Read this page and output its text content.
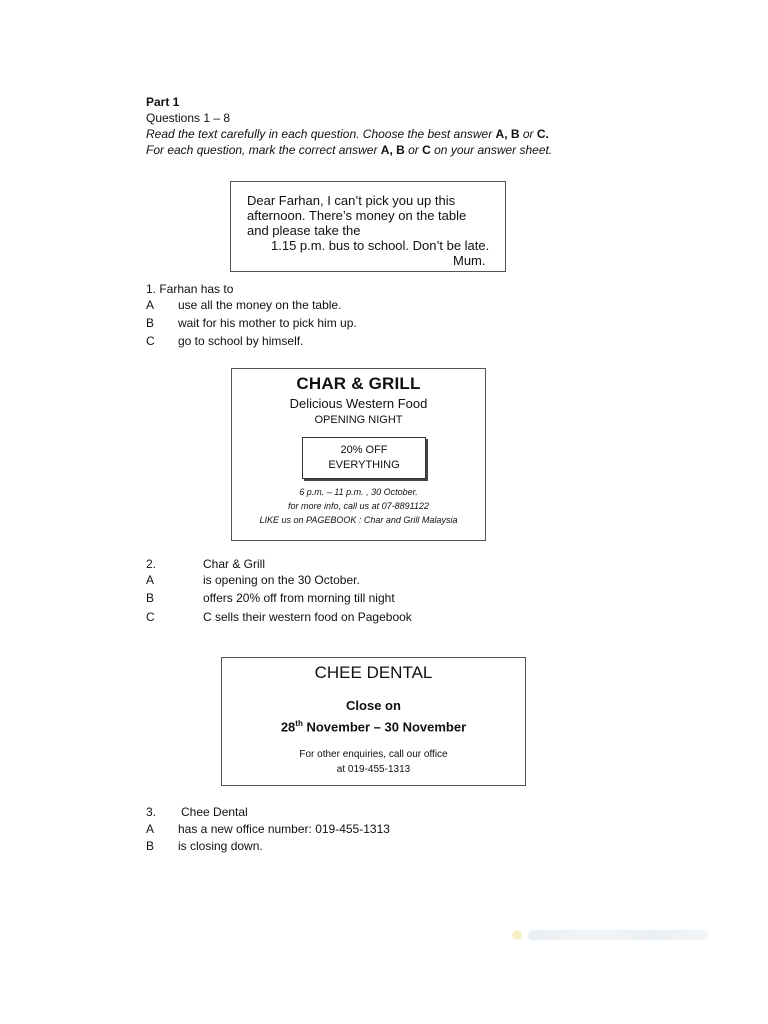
Part 1
Questions 1 – 8
Read the text carefully in each question. Choose the best answer A, B or C.
For each question, mark the correct answer A, B or C on your answer sheet.
Dear Farhan, I can’t pick you up this
afternoon. There’s money on the table
and please take the
1.15 p.m. bus to school. Don’t be late.
Mum.
1. Farhan has to
A use all the money on the table.
B wait for his mother to pick him up.
C go to school by himself.
CHAR & GRILL
Delicious Western Food
OPENING NIGHT
20% OFF
EVERYTHING
6 p.m. – 11 p.m. , 30 October.
for more info, call us at 07-8891122
LIKE us on PAGEBOOK : Char and Grill Malaysia
2.	Char & Grill
A	is opening on the 30 October.
B	offers 20% off from morning till night
C	C sells their western food on Pagebook
CHEE DENTAL
Close on
28th November – 30 November
For other enquiries, call our office
at 019-455-1313
3. Chee Dental
A has a new office number: 019-455-1313
B is closing down.
